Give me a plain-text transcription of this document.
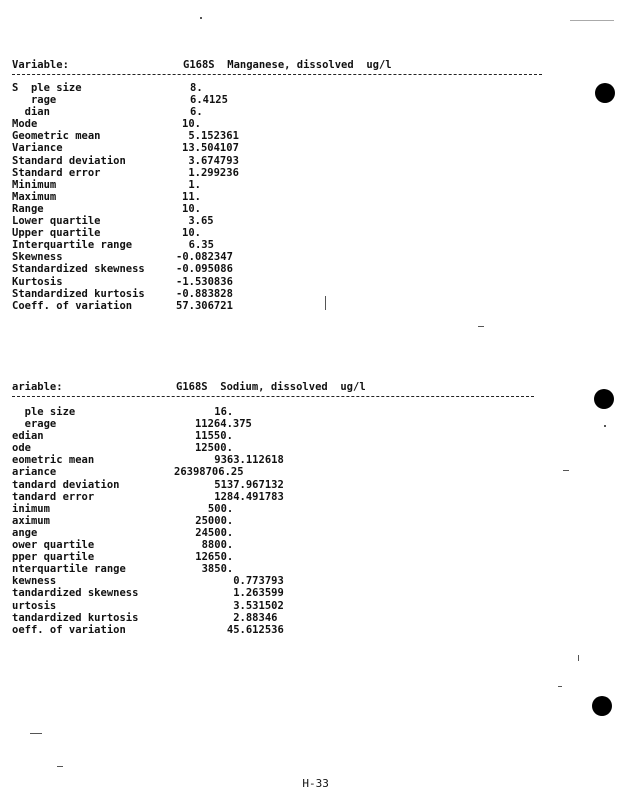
Variable:	G168S  Manganese, dissolved  ug/l
S  ple size	8.
rage	6.4125
dian	6.
Mode	10.
Geometric mean	5.152361
Variance	13.504107
Standard deviation	3.674793
Standard error	1.299236
Minimum	1.
Maximum	11.
Range	10.
Lower quartile	3.65
Upper quartile	10.
Interquartile range	6.35
Skewness	-0.082347
Standardized skewness	-0.095086
Kurtosis	-1.530836
Standardized kurtosis	-0.883828
Coeff. of variation	57.306721
ariable:	G168S  Sodium, dissolved  ug/l
ple size	16.
erage	11264.375
edian	11550.
ode	12500.
eometric mean	9363.112618
ariance	26398706.25
tandard deviation	5137.967132
tandard error	1284.491783
inimum	500.
aximum	25000.
ange	24500.
ower quartile	8800.
pper quartile	12650.
nterquartile range	3850.
kewness	0.773793
tandardized skewness	1.263599
urtosis	3.531502
tandardized kurtosis	2.88346
oeff. of variation	45.612536

H-33
